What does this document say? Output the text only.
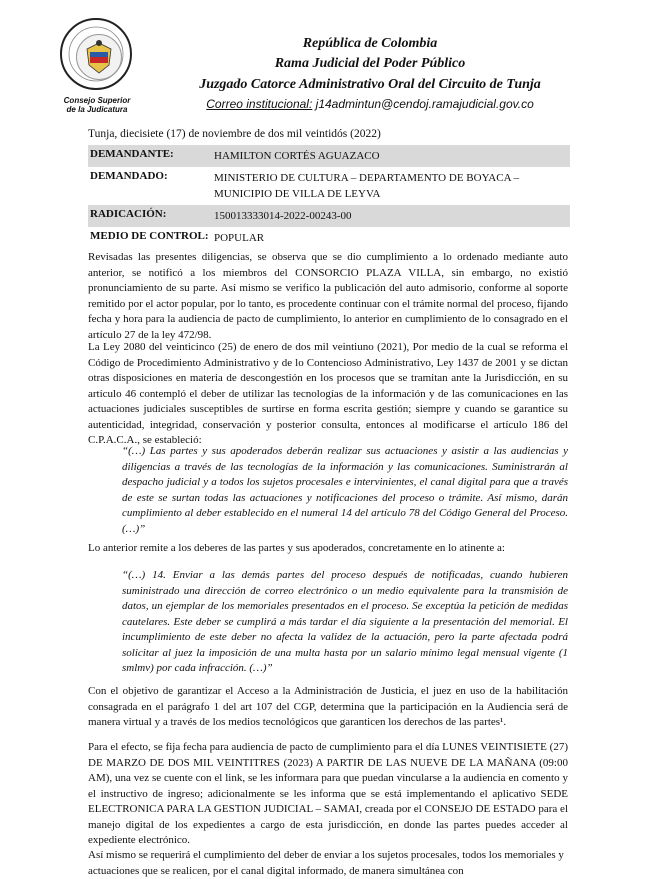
Consejo Superior
de la Judicatura
República de Colombia
Rama Judicial del Poder Público
Juzgado Catorce Administrativo Oral del Circuito de Tunja
Correo institucional: j14admintun@cendoj.ramajudicial.gov.co
Tunja, diecisiete (17) de noviembre de dos mil veintidós (2022)
DEMANDANTE:	HAMILTON CORTÉS AGUAZACO
DEMANDADO:	MINISTERIO DE CULTURA – DEPARTAMENTO DE BOYACA – MUNICIPIO DE VILLA DE LEYVA
RADICACIÓN:	150013333014-2022-00243-00
MEDIO DE CONTROL: POPULAR
Revisadas las presentes diligencias, se observa que se dio cumplimiento a lo ordenado mediante auto anterior, se notificó a los miembros del CONSORCIO PLAZA VILLA, sin embargo, no existió pronunciamiento de su parte. Así mismo se verifico la publicación del auto admisorio, conforme al soporte remitido por el actor popular, por lo tanto, es procedente continuar con el trámite normal del proceso, fijando fecha y hora para la audiencia de pacto de cumplimiento, lo anterior en cumplimiento de lo consagrado en el artículo 27 de la ley 472/98.
La Ley 2080 del veinticinco (25) de enero de dos mil veintiuno (2021), Por medio de la cual se reforma el Código de Procedimiento Administrativo y de lo Contencioso Administrativo, Ley 1437 de 2001 y se dictan otras disposiciones en materia de descongestión en los procesos que se tramitan ante la Jurisdicción, en su artículo 46 contempló el deber de utilizar las tecnologías de la información y de las comunicaciones en las actuaciones judiciales susceptibles de surtirse en forma escrita gestión; siempre y cuando se garantice su autenticidad, integridad, conservación y posterior consulta, entonces al modificarse el artículo 186 del C.P.A.C.A., se estableció:
“(…) Las partes y sus apoderados deberán realizar sus actuaciones y asistir a las audiencias y diligencias a través de las tecnologías de la información y las comunicaciones. Suministrarán al despacho judicial y a todos los sujetos procesales e intervinientes, el canal digital para que a través de este se surtan todas las actuaciones y notificaciones del proceso o trámite. Así mismo, darán cumplimiento al deber establecido en el numeral 14 del artículo 78 del Código General del Proceso. (…)”
Lo anterior remite a los deberes de las partes y sus apoderados, concretamente en lo atinente a:
“(…) 14. Enviar a las demás partes del proceso después de notificadas, cuando hubieren suministrado una dirección de correo electrónico o un medio equivalente para la transmisión de datos, un ejemplar de los memoriales presentados en el proceso. Se exceptúa la petición de medidas cautelares. Este deber se cumplirá a más tardar el día siguiente a la presentación del memorial. El incumplimiento de este deber no afecta la validez de la actuación, pero la parte afectada podrá solicitar al juez la imposición de una multa hasta por un salario mínimo legal mensual vigente (1 smlmv) por cada infracción. (…)”
Con el objetivo de garantizar el Acceso a la Administración de Justicia, el juez en uso de la habilitación consagrada en el parágrafo 1 del art 107 del CGP, determina que la participación en la Audiencia será de manera virtual y a través de los medios tecnológicos que garanticen los derechos de las partes¹.
Para el efecto, se fija fecha para audiencia de pacto de cumplimiento para el día LUNES VEINTISIETE (27) DE MARZO DE DOS MIL VEINTITRES (2023) A PARTIR DE LAS NUEVE DE LA MAÑANA (09:00 AM), una vez se cuente con el link, se les informara para que puedan vincularse a la audiencia en comento y el instructivo de ingreso; adicionalmente se les informa que se está implementando el aplicativo SEDE ELECTRONICA PARA LA GESTION JUDICIAL – SAMAI, creada por el CONSEJO DE ESTADO para el manejo digital de los expedientes a cargo de esta jurisdicción, en donde las partes puedes acceder al expediente electrónico.
Así mismo se requerirá el cumplimiento del deber de enviar a los sujetos procesales, todos los memoriales y actuaciones que se realicen, por el canal digital informado, de manera simultánea con
